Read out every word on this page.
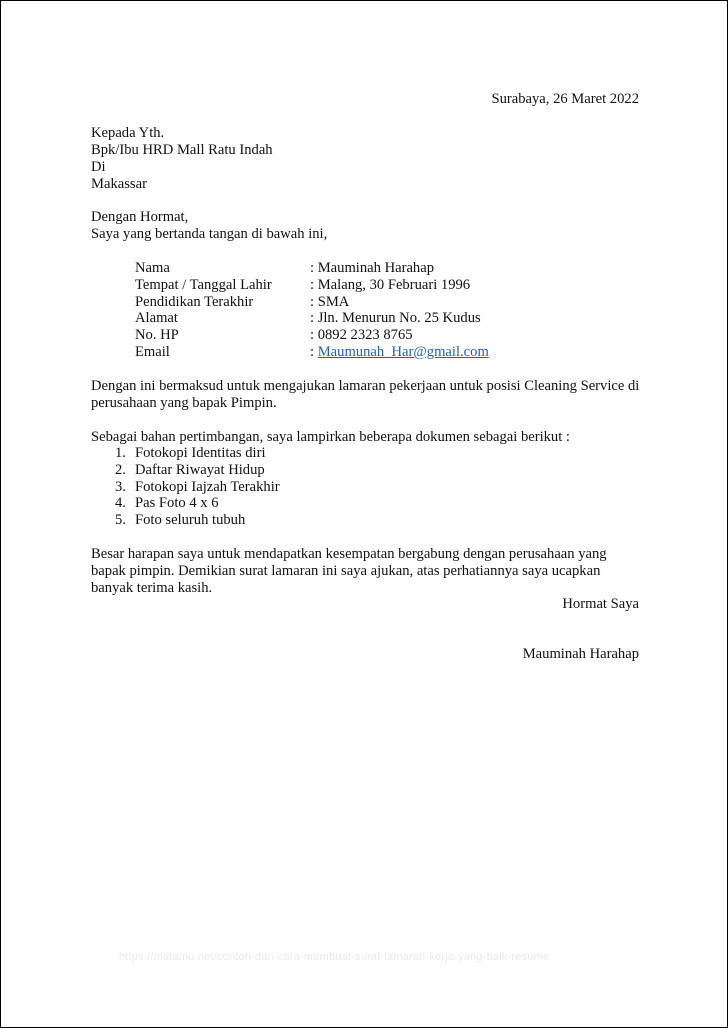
Surabaya, 26 Maret 2022
Kepada Yth.
Bpk/Ibu HRD Mall Ratu Indah
Di
Makassar
Dengan Hormat,
Saya yang bertanda tangan di bawah ini,
Nama	: Mauminah Harahap
Tempat / Tanggal Lahir	: Malang, 30 Februari 1996
Pendidikan Terakhir	: SMA
Alamat	: Jln. Menurun No. 25 Kudus
No. HP	: 0892 2323 8765
Email	: Maumunah_Har@gmail.com
Dengan ini bermaksud untuk mengajukan lamaran pekerjaan untuk posisi Cleaning Service di
perusahaan yang bapak Pimpin.
Sebagai bahan pertimbangan, saya lampirkan beberapa dokumen sebagai berikut :
1. Fotokopi Identitas diri
2. Daftar Riwayat Hidup
3. Fotokopi Iajzah Terakhir
4. Pas Foto 4 x 6
5. Foto seluruh tubuh
Besar harapan saya untuk mendapatkan kesempatan bergabung dengan perusahaan yang
bapak pimpin. Demikian surat lamaran ini saya ajukan, atas perhatiannya saya ucapkan
banyak terima kasih.
Hormat Saya
Mauminah Harahap
https://matamu.net/contoh-dan-cara-membuat-surat-lamaran-kerja-yang-baik-resume
